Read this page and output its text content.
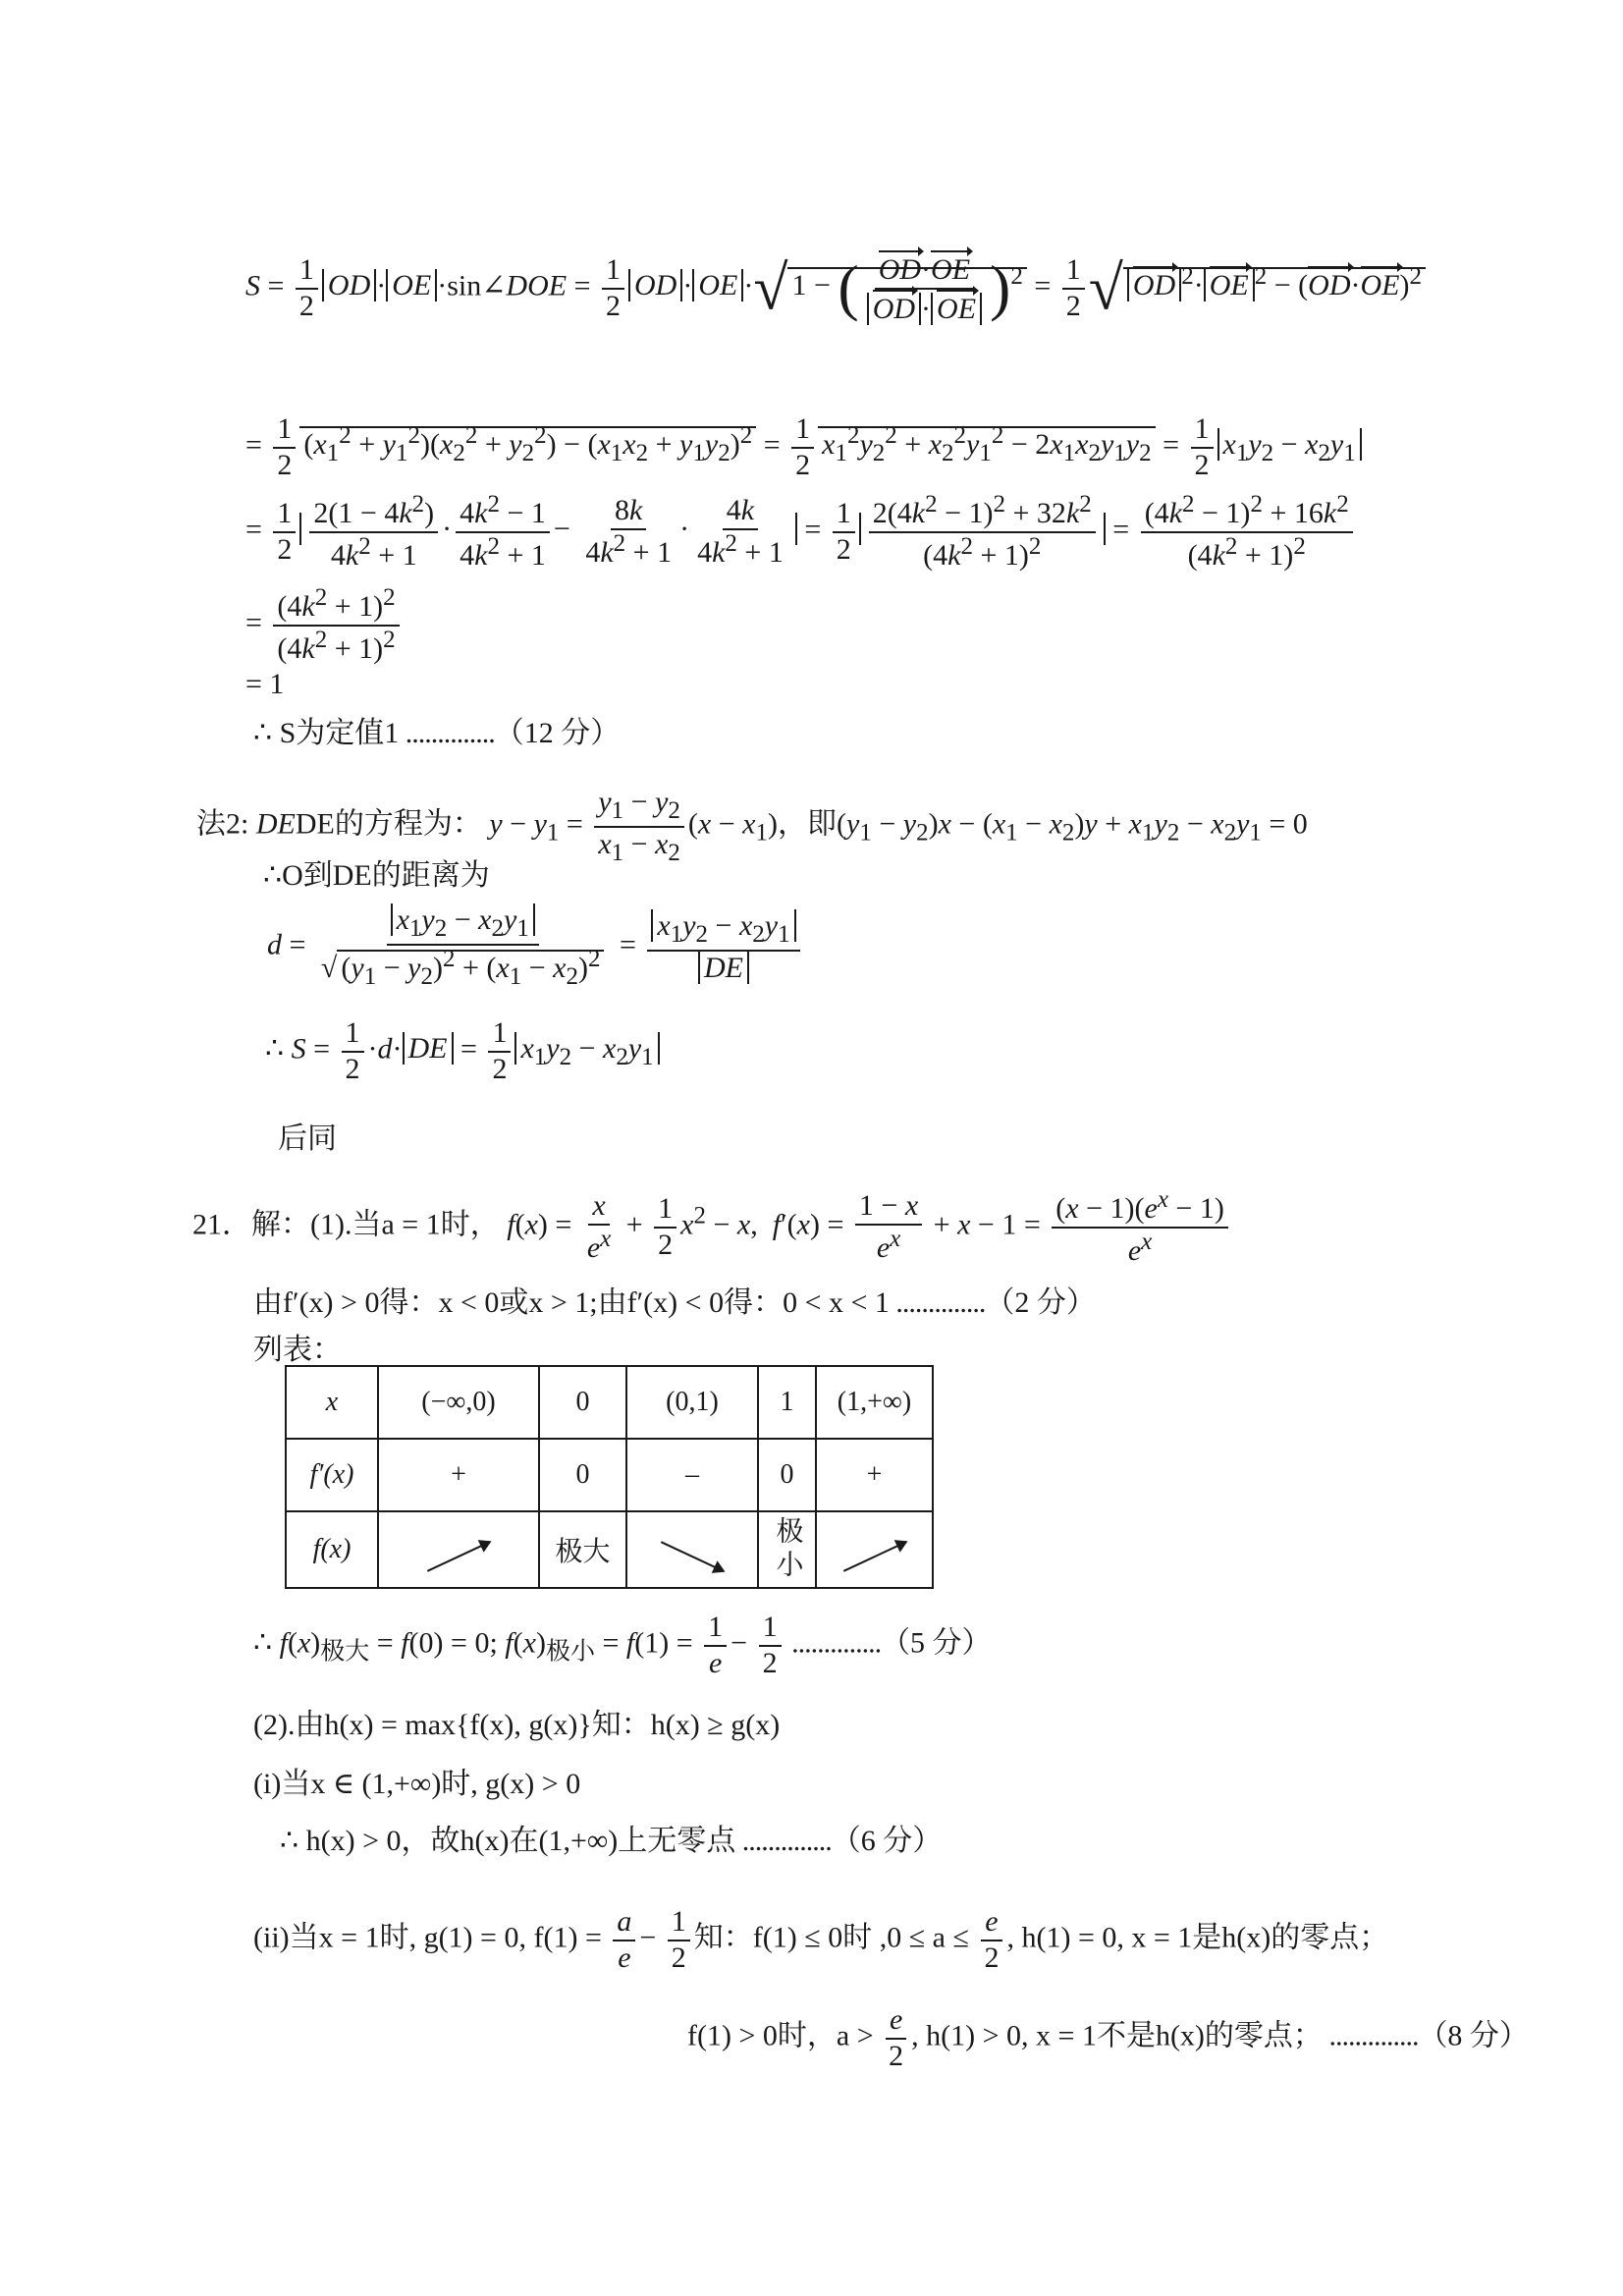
$S = \frac{1}{2}$ OD · OE ·sin∠DOE = $\frac{1}{2}$ OD · OE ·√ 1 − ( $\frac{OD\cdot OE}{OD \cdot OE} )^2 = \frac{1}{2}$ √ OD $^2$· OE $^2 - (OD\cdot OE)^2$
= $\frac{1}{2} (x_1^2 + y_1^2)(x_2^2 + y_2^2) - (x_1x_2 + y_1y_2)^2 = \frac{1}{2} x_1^2y_2^2 + x_2^2y_1^2 - 2x_1x_2y_1y_2 = \frac{1}{2} x_1y_2 - x_2y_1$
= $\frac{1}{2} \frac{2(1 - 4k^2)}{4k^2 + 1} \cdot \frac{4k^2 - 1}{4k^2 + 1} - \frac{8k}{4k^2 + 1} \cdot \frac{4k}{4k^2 + 1} = \frac{1}{2} \frac{2(4k^2 - 1)^2 + 32k^2}{(4k^2 + 1)^2} = \frac{(4k^2 - 1)^2 + 16k^2}{(4k^2 + 1)^2}$
= $\frac{(4k^2 + 1)^2}{(4k^2 + 1)^2}$
= 1
∴ S为定值1 ..............（12 分）
法2: DEDE的方程为： $y - y_1 = \frac{y_1 - y_2}{x_1 - x_2} (x - x_1)$，即$(y_1 - y_2)x - (x_1 - x_2)y + x_1y_2 - x_2y_1 = 0$
∴O到DE的距离为
$d = \frac{x_1y_2 - x_2y_1}{√ (y_1 - y_2)^2 + (x_1 - x_2)^2} = \frac{x_1y_2 - x_2y_1}{DE}$
∴ $S = \frac{1}{2} \cdot d\cdot$ DE = $\frac{1}{2} x_1y_2 - x_2y_1$
后同
21．解：(1).当a = 1时， $f(x) = \frac{x}{e^x} + \frac{1}{2} x^2 - x$,  $f'(x) = \frac{1 - x}{e^x} + x - 1 = \frac{(x - 1)(e^x - 1)}{e^x}$
由f′(x) > 0得：x < 0或x > 1;由f′(x) < 0得：0 < x < 1 ..............（2 分）
列表：
x	(−∞,0)	0	(0,1)	1	(1,+∞)
f′(x)	+	0	–	0	+
f(x)		极大		极小	
∴ $f(x)_{极大} = f(0) = 0$; $f(x)_{极小} = f(1) = \frac{1}{e} - \frac{1}{2} ..............(5$ 分）
(2).由h(x) = max{f(x), g(x)}知：h(x) ≥ g(x)
(i)当x ∈ (1,+∞)时, g(x) > 0
∴ h(x) > 0，故h(x)在(1,+∞)上无零点 ..............（6 分）
(ii)当x = 1时, g(1) = 0, $f(1) = \frac{a}{e} - \frac{1}{2}$ 知：f(1) ≤ 0时 $,0 \le a \le \frac{e}{2}$ , h(1) = 0, x = 1是h(x)的零点；
f(1) > 0时，$a > \frac{e}{2}$ , h(1) > 0, x = 1不是h(x)的零点； ..............（8 分）
